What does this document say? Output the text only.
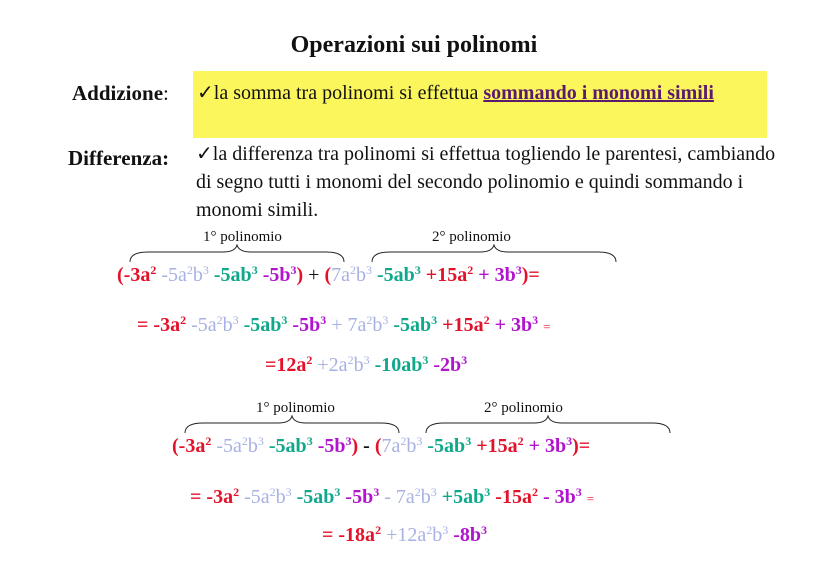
Operazioni sui polinomi
Addizione: ✓la somma tra polinomi si effettua sommando i monomi simili
Differenza: ✓la differenza tra polinomi si effettua togliendo le parentesi, cambiando di segno tutti i monomi del secondo polinomio e quindi sommando i monomi simili.
1° polinomio	2° polinomio
($-3a^2$ $-5a^2b^3$ $-5ab^3$ $-5b^3) + (7a^2b^3$ $-5ab^3 +15a^2 + 3b^3)=$
= $-3a^2$ $-5a^2b^3$ $-5ab^3$ $-5b^3 + 7a^2b^3$ $-5ab^3 +15a^2 + 3b^3$ =
$=12a^2 +2a^2b^3$ $-10ab^3$ $-2b^3$
1° polinomio	2° polinomio
($-3a^2$ $-5a^2b^3$ $-5ab^3$ $-5b^3) - (7a^2b^3$ $-5ab^3 +15a^2 + 3b^3)=$
= $-3a^2$ $-5a^2b^3$ $-5ab^3$ $-5b^3 - 7a^2b^3 +5ab^3$ $-15a^2 - 3b^3$ =
= $-18a^2 +12a^2b^3$ $-8b^3$
